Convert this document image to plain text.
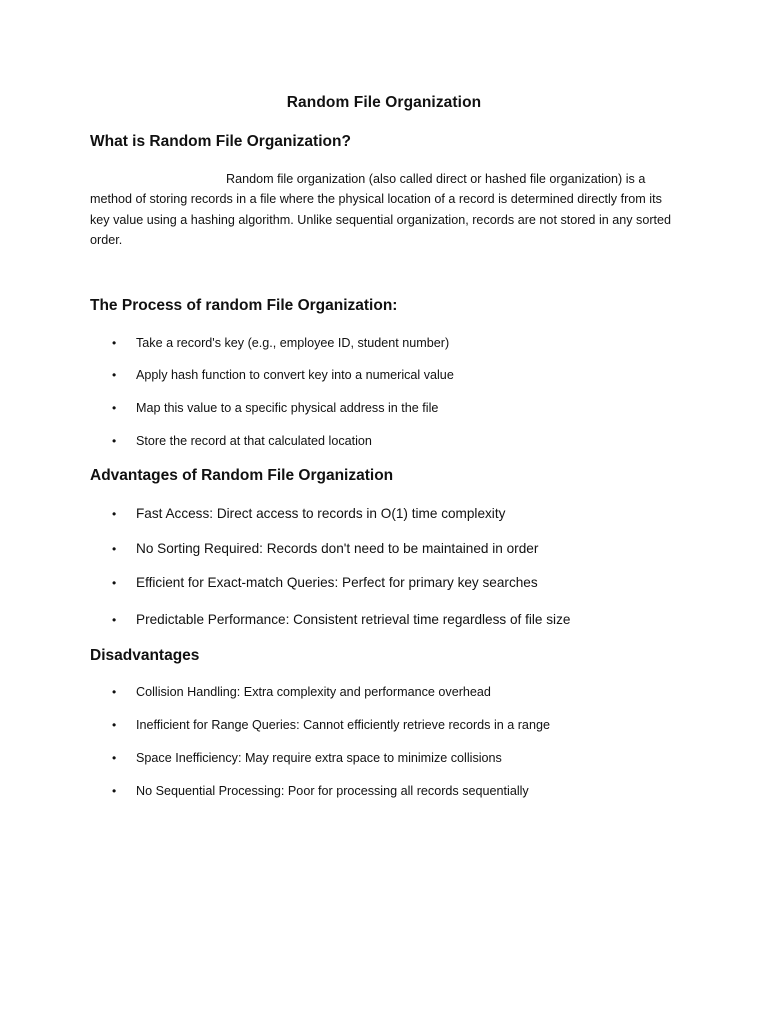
Random File Organization
What is Random File Organization?

Random file organization (also called direct or hashed file organization) is a method of storing records in a file where the physical location of a record is determined directly from its key value using a hashing algorithm. Unlike sequential organization, records are not stored in any sorted order.

The Process of random File Organization:
• Take a record's key (e.g., employee ID, student number)
• Apply hash function to convert key into a numerical value
• Map this value to a specific physical address in the file
• Store the record at that calculated location
Advantages of Random File Organization
• Fast Access: Direct access to records in O(1) time complexity
• No Sorting Required: Records don't need to be maintained in order
• Efficient for Exact-match Queries: Perfect for primary key searches
• Predictable Performance: Consistent retrieval time regardless of file size
Disadvantages
• Collision Handling: Extra complexity and performance overhead
• Inefficient for Range Queries: Cannot efficiently retrieve records in a range
• Space Inefficiency: May require extra space to minimize collisions
• No Sequential Processing: Poor for processing all records sequentially
